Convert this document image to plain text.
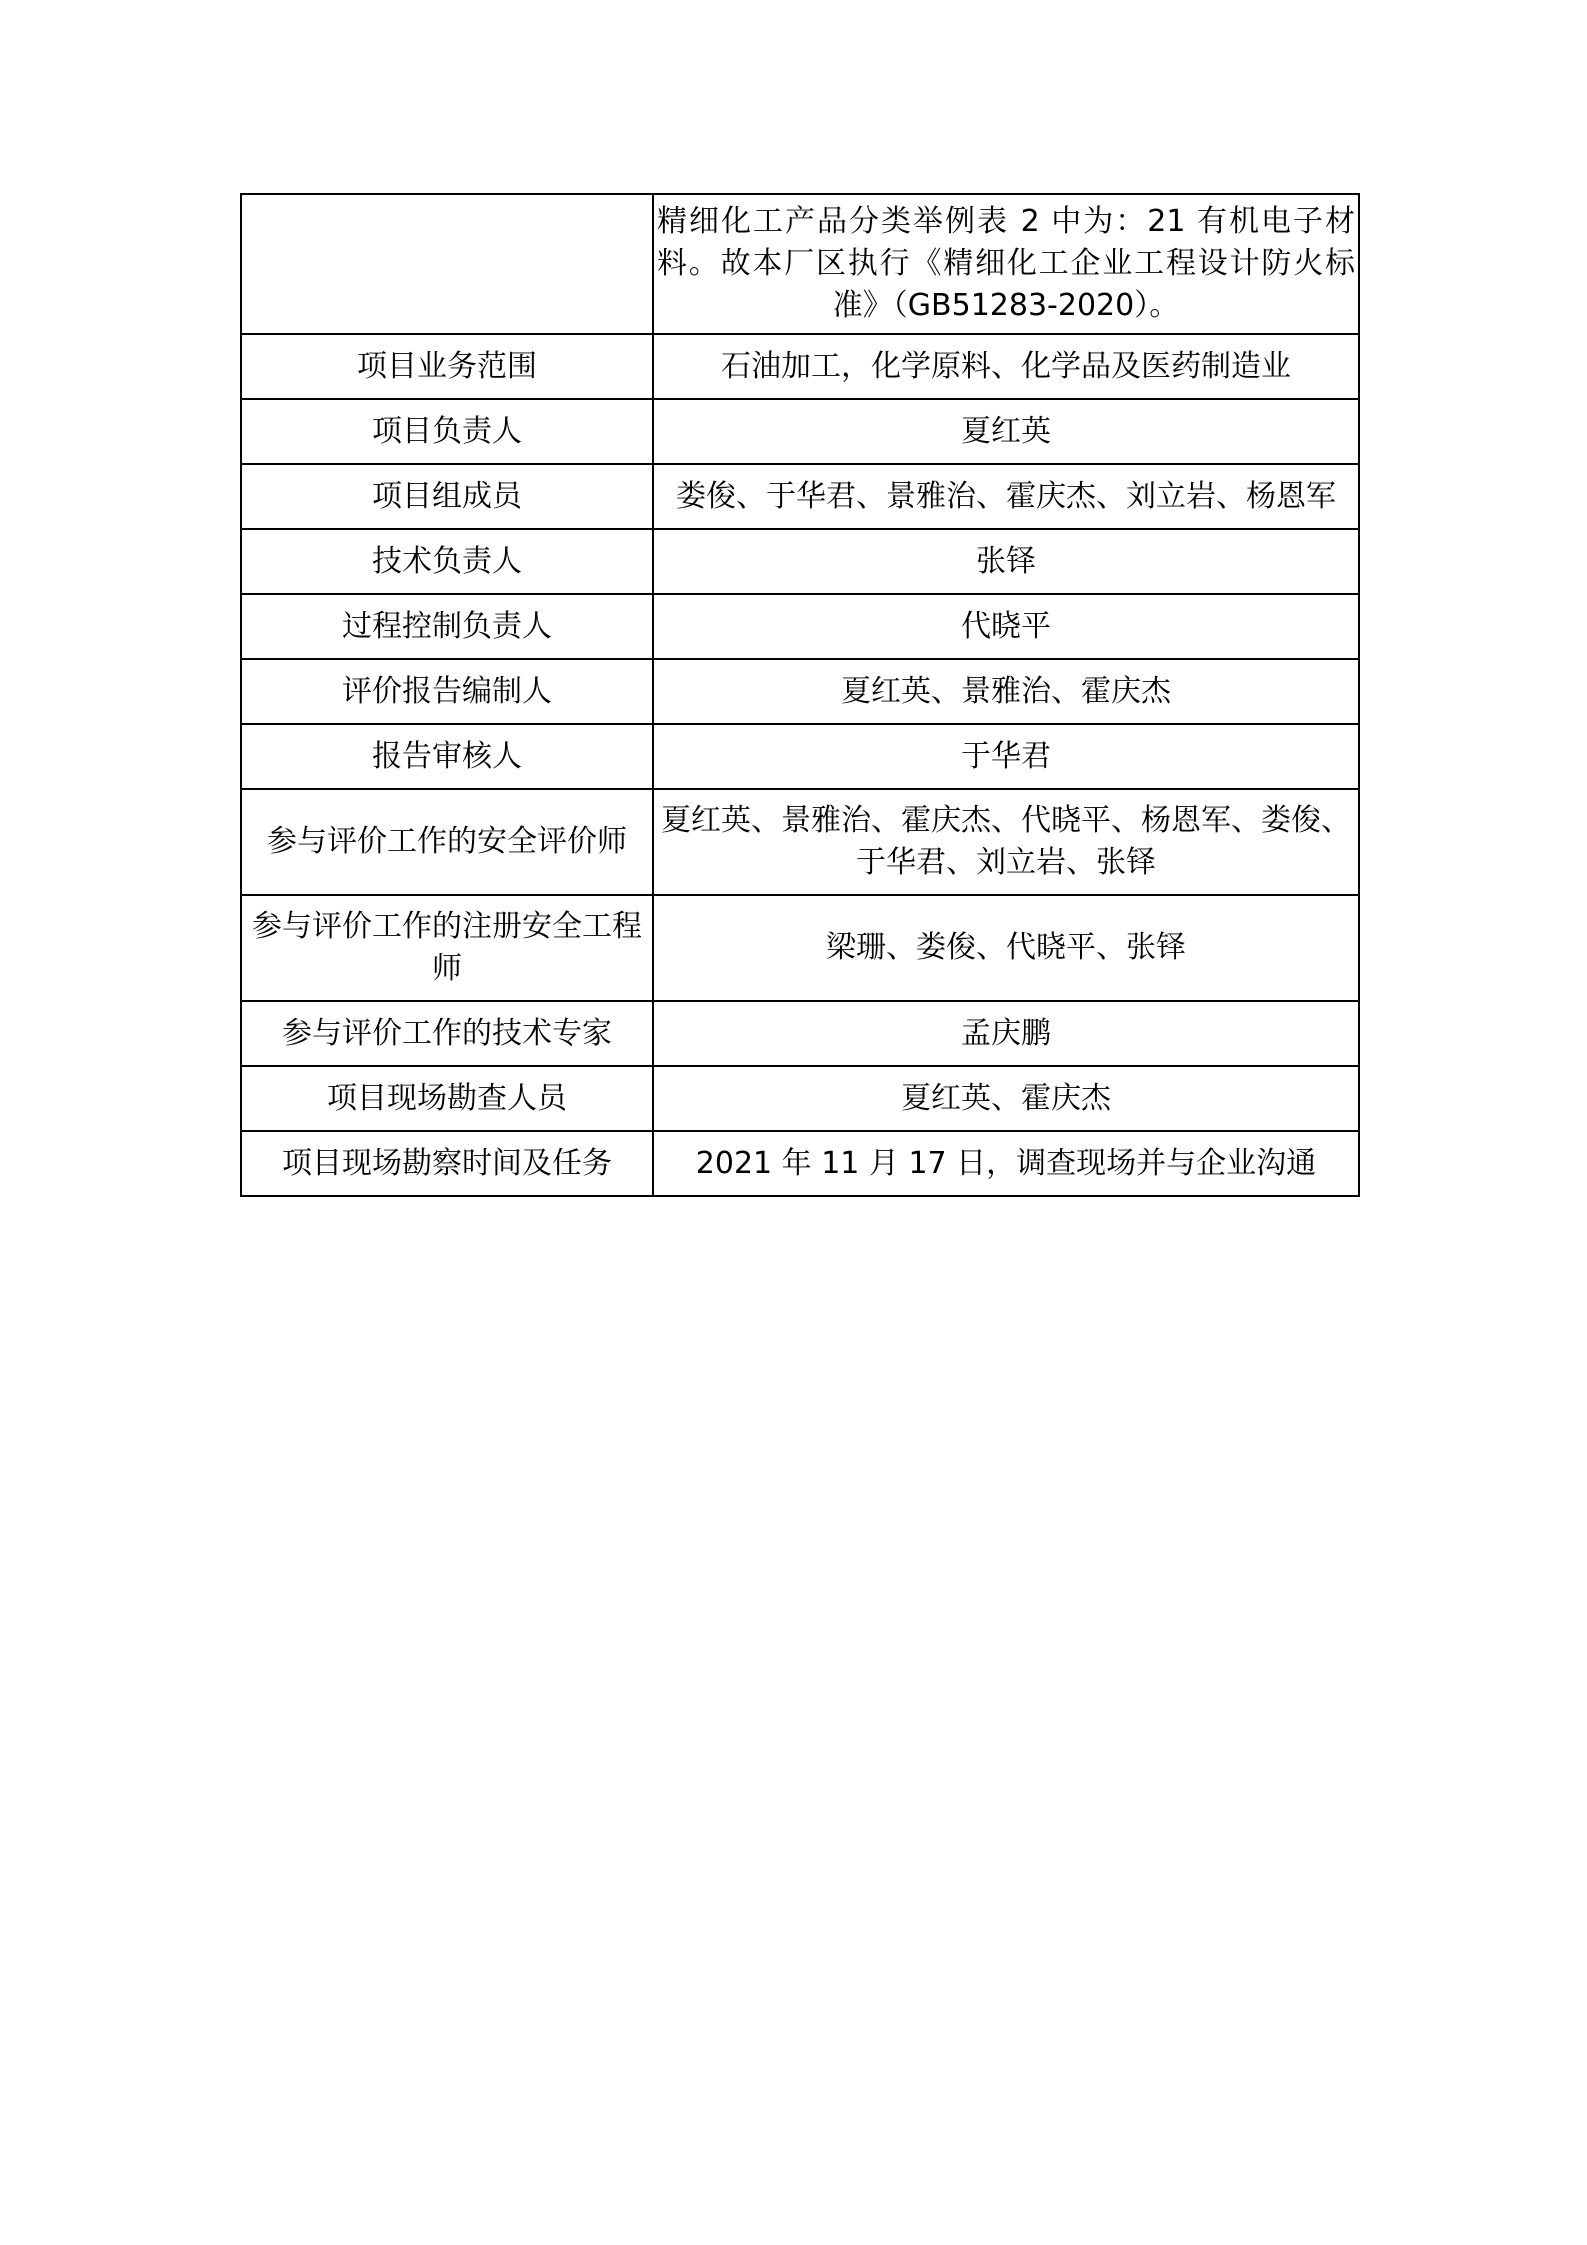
	精细化工产品分类举例表 2 中为：21 有机电子材料。故本厂区执行《精细化工企业工程设计防火标准》（GB51283-2020）。
项目业务范围	石油加工，化学原料、化学品及医药制造业
项目负责人	夏红英
项目组成员	娄俊、于华君、景雅治、霍庆杰、刘立岩、杨恩军
技术负责人	张铎
过程控制负责人	代晓平
评价报告编制人	夏红英、景雅治、霍庆杰
报告审核人	于华君
参与评价工作的安全评价师	夏红英、景雅治、霍庆杰、代晓平、杨恩军、娄俊、于华君、刘立岩、张铎
参与评价工作的注册安全工程师	梁珊、娄俊、代晓平、张铎
参与评价工作的技术专家	孟庆鹏
项目现场勘查人员	夏红英、霍庆杰
项目现场勘察时间及任务	2021 年 11 月 17 日，调查现场并与企业沟通
